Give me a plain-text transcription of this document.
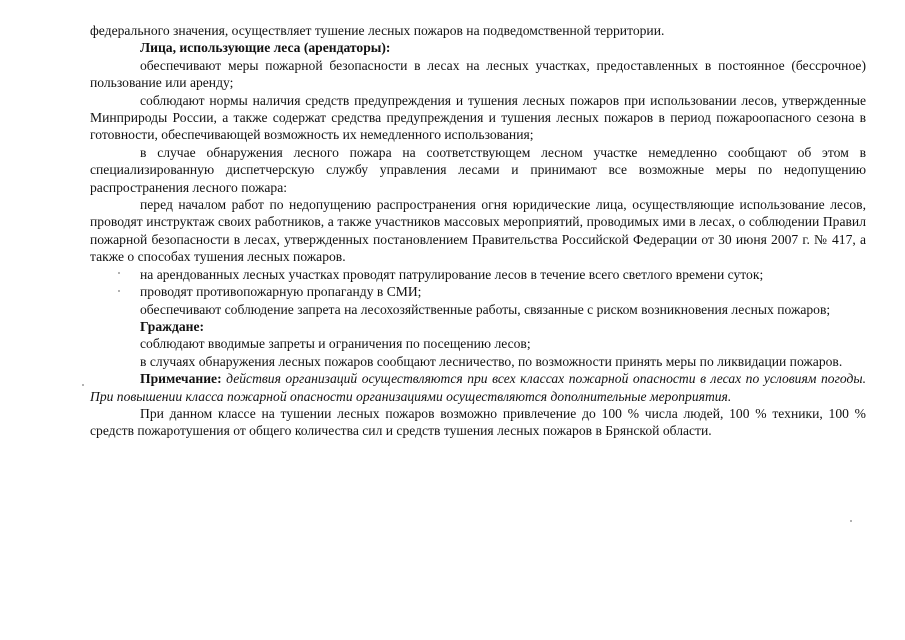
федерального значения, осуществляет тушение лесных пожаров на подведомственной территории.

Лица, использующие леса (арендаторы):

обеспечивают меры пожарной безопасности в лесах на лесных участках, предоставленных в постоянное (бессрочное) пользование или аренду;

соблюдают нормы наличия средств предупреждения и тушения лесных пожаров при использовании лесов, утвержденные Минприроды России, а также содержат средства предупреждения и тушения лесных пожаров в период пожароопасного сезона в готовности, обеспечивающей возможность их немедленного использования;

в случае обнаружения лесного пожара на соответствующем лесном участке немедленно сообщают об этом в специализированную диспетчерскую службу управления лесами и принимают все возможные меры по недопущению распространения лесного пожара:

перед началом работ по недопущению распространения огня юридические лица, осуществляющие использование лесов, проводят инструктаж своих работников, а также участников массовых мероприятий, проводимых ими в лесах, о соблюдении Правил пожарной безопасности в лесах, утвержденных постановлением Правительства Российской Федерации от 30 июня 2007 г. № 417, а также о способах тушения лесных пожаров.

на арендованных лесных участках проводят патрулирование лесов в течение всего светлого времени суток;

проводят противопожарную пропаганду в СМИ;

обеспечивают соблюдение запрета на лесохозяйственные работы, связанные с риском возникновения лесных пожаров;

Граждане:

соблюдают вводимые запреты и ограничения по посещению лесов;

в случаях обнаружения лесных пожаров сообщают лесничество, по возможности принять меры по ликвидации пожаров.

Примечание: действия организаций осуществляются при всех классах пожарной опасности в лесах по условиям погоды. При повышении класса пожарной опасности организациями осуществляются дополнительные мероприятия.

При данном классе на тушении лесных пожаров возможно привлечение до 100 % числа людей, 100 % техники, 100 % средств пожаротушения от общего количества сил и средств тушения лесных пожаров в Брянской области.
